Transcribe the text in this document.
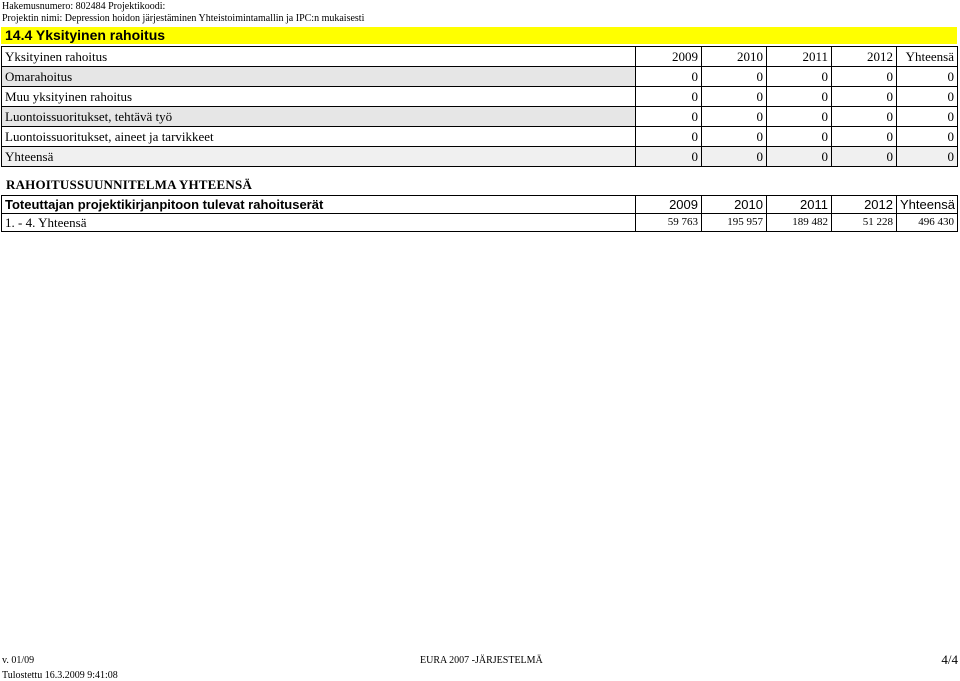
Hakemusnumero: 802484 Projektikoodi:
Projektin nimi: Depression hoidon järjestäminen Yhteistoimintamallin ja IPC:n mukaisesti
14.4 Yksityinen rahoitus
Yksityinen rahoitus	2009	2010	2011	2012	Yhteensä
Omarahoitus	0	0	0	0	0
Muu yksityinen rahoitus	0	0	0	0	0
Luontoissuoritukset, tehtävä työ	0	0	0	0	0
Luontoissuoritukset, aineet ja tarvikkeet	0	0	0	0	0
Yhteensä	0	0	0	0	0
RAHOITUSSUUNNITELMA YHTEENSÄ
Toteuttajan projektikirjanpitoon tulevat rahoituserät	2009	2010	2011	2012	Yhteensä
1. - 4. Yhteensä	59 763	195 957	189 482	51 228	496 430
v. 01/09	EURA 2007 -JÄRJESTELMÄ	4/4
Tulostettu 16.3.2009 9:41:08
